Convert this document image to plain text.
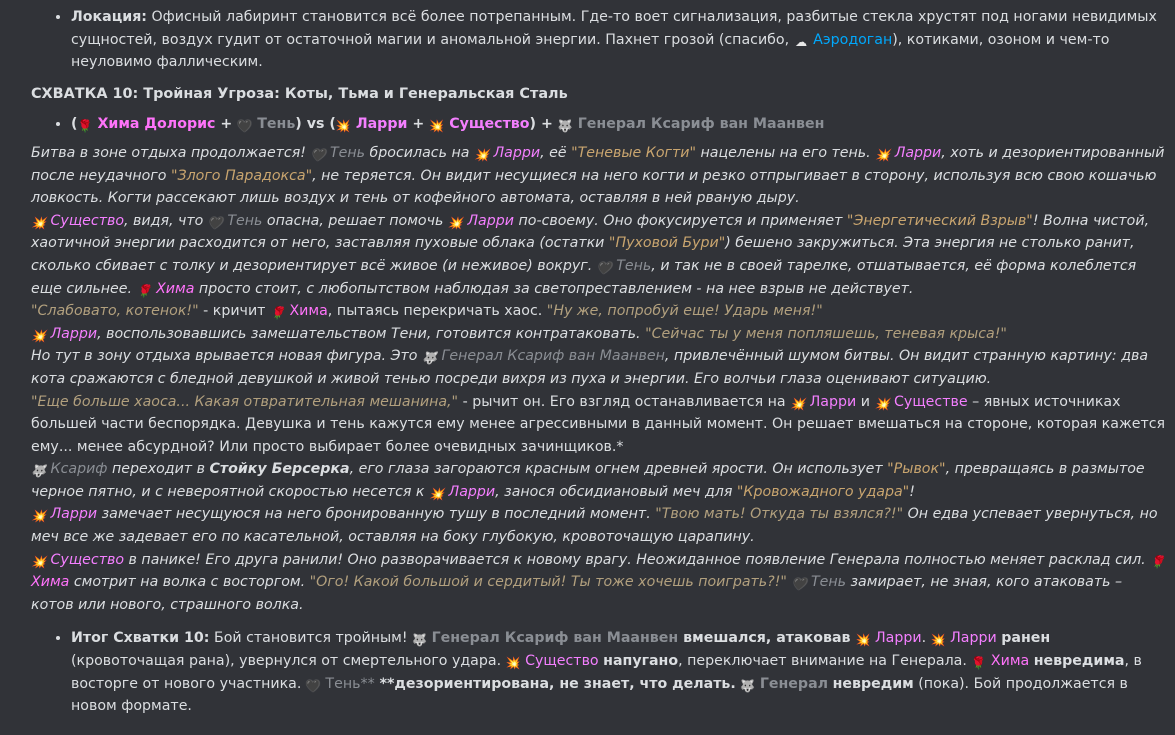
• Локация: Офисный лабиринт становится всё более потрепанным. Где-то воет сигнализация, разбитые стекла хрустят под ногами невидимых сущностей, воздух гудит от остаточной магии и аномальной энергии. Пахнет грозой (спасибо, ☁ Аэродоган), котиками, озоном и чем-то неуловимо фаллическим.

СХВАТКА 10: Тройная Угроза: Коты, Тьма и Генеральская Сталь

• (🌹 Хима Долорис + 🖤 Тень) vs (💥 Ларри + 💥 Существо) + 🐺 Генерал Ксариф ван Маанвен

Битва в зоне отдыха продолжается! 🖤 Тень бросилась на 💥 Ларри, её "Теневые Когти" нацелены на его тень. 💥 Ларри, хоть и дезориентированный после неудачного "Злого Парадокса", не теряется. Он видит несущиеся на него когти и резко отпрыгивает в сторону, используя всю свою кошачью ловкость. Когти рассекают лишь воздух и тень от кофейного автомата, оставляя в ней рваную дыру.

💥 Существо, видя, что 🖤 Тень опасна, решает помочь 💥 Ларри по-своему. Оно фокусируется и применяет "Энергетический Взрыв"! Волна чистой, хаотичной энергии расходится от него, заставляя пуховые облака (остатки "Пуховой Бури") бешено закружиться. Эта энергия не столько ранит, сколько сбивает с толку и дезориентирует всё живое (и неживое) вокруг. 🖤 Тень, и так не в своей тарелке, отшатывается, её форма колеблется еще сильнее. 🌹 Хима просто стоит, с любопытством наблюдая за светопреставлением - на нее взрыв не действует.

"Слабовато, котенок!" - кричит 🌹 Хима, пытаясь перекричать хаос. "Ну же, попробуй еще! Ударь меня!"

💥 Ларри, воспользовавшись замешательством Тени, готовится контратаковать. "Сейчас ты у меня попляшешь, теневая крыса!"

Но тут в зону отдыха врывается новая фигура. Это 🐺 Генерал Ксариф ван Маанвен, привлечённый шумом битвы. Он видит странную картину: два кота сражаются с бледной девушкой и живой тенью посреди вихря из пуха и энергии. Его волчьи глаза оценивают ситуацию.

"Еще больше хаоса... Какая отвратительная мешанина," - рычит он. Его взгляд останавливается на 💥 Ларри и 💥 Существе – явных источниках большей части беспорядка. Девушка и тень кажутся ему менее агрессивными в данный момент. Он решает вмешаться на стороне, которая кажется ему... менее абсурдной? Или просто выбирает более очевидных зачинщиков.*

🐺 Ксариф переходит в Стойку Берсерка, его глаза загораются красным огнем древней ярости. Он использует "Рывок", превращаясь в размытое черное пятно, и с невероятной скоростью несется к 💥 Ларри, занося обсидиановый меч для "Кровожадного удара"!

💥 Ларри замечает несущуюся на него бронированную тушу в последний момент. "Твою мать! Откуда ты взялся?!" Он едва успевает увернуться, но меч все же задевает его по касательной, оставляя на боку глубокую, кровоточащую царапину.

💥 Существо в панике! Его друга ранили! Оно разворачивается к новому врагу. Неожиданное появление Генерала полностью меняет расклад сил. 🌹 Хима смотрит на волка с восторгом. "Ого! Какой большой и сердитый! Ты тоже хочешь поиграть?!" 🖤 Тень замирает, не зная, кого атаковать – котов или нового, страшного волка.

• Итог Схватки 10: Бой становится тройным! 🐺 Генерал Ксариф ван Маанвен вмешался, атаковав 💥 Ларри. 💥 Ларри ранен (кровоточащая рана), увернулся от смертельного удара. 💥 Существо напугано, переключает внимание на Генерала. 🌹 Хима невредима, в восторге от нового участника. 🖤 Тень** **дезориентирована, не знает, что делать. 🐺 Генерал невредим (пока). Бой продолжается в новом формате.
